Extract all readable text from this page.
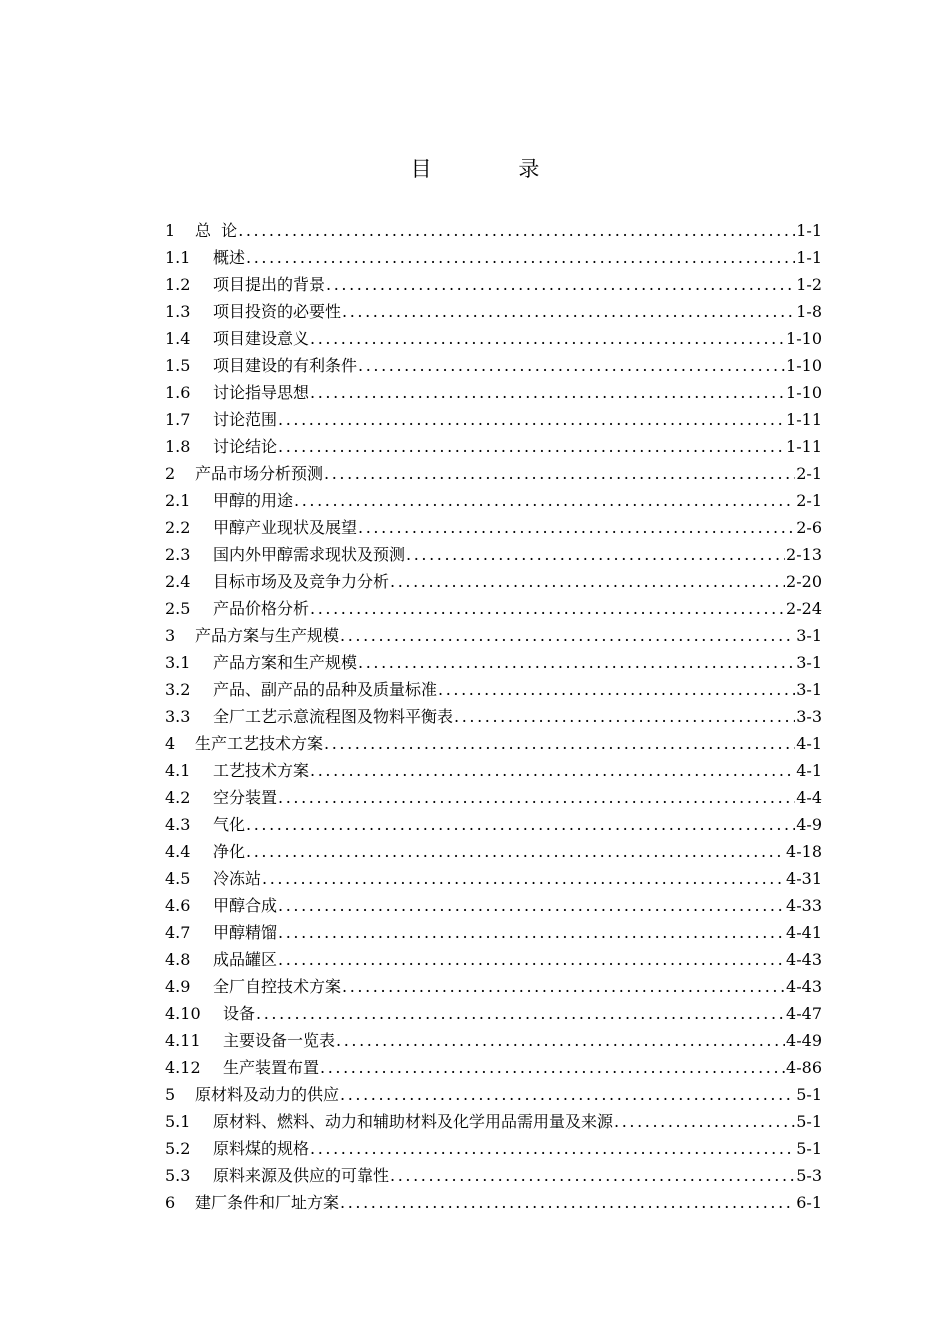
目 录
1	总  论 .....	1-1
1.1	概述 .....	1-1
1.2	项目提出的背景 .....	1-2
1.3	项目投资的必要性 .....	1-8
1.4	项目建设意义 .....	1-10
1.5	项目建设的有利条件 .....	1-10
1.6	讨论指导思想 .....	1-10
1.7	讨论范围 .....	1-11
1.8	讨论结论 .....	1-11
2	产品市场分析预测 .....	2-1
2.1	甲醇的用途 .....	2-1
2.2	甲醇产业现状及展望 .....	2-6
2.3	国内外甲醇需求现状及预测 .....	2-13
2.4	目标市场及及竞争力分析 .....	2-20
2.5	产品价格分析 .....	2-24
3	产品方案与生产规模 .....	3-1
3.1	产品方案和生产规模 .....	3-1
3.2	产品、副产品的品种及质量标准 .....	3-1
3.3	全厂工艺示意流程图及物料平衡表 .....	3-3
4	生产工艺技术方案 .....	4-1
4.1	工艺技术方案 .....	4-1
4.2	空分装置 .....	4-4
4.3	气化 .....	4-9
4.4	净化 .....	4-18
4.5	冷冻站 .....	4-31
4.6	甲醇合成 .....	4-33
4.7	甲醇精馏 .....	4-41
4.8	成品罐区 .....	4-43
4.9	全厂自控技术方案 .....	4-43
4.10	设备 .....	4-47
4.11	主要设备一览表 .....	4-49
4.12	生产装置布置 .....	4-86
5	原材料及动力的供应 .....	5-1
5.1	原材料、燃料、动力和辅助材料及化学用品需用量及来源 .....	5-1
5.2	原料煤的规格 .....	5-1
5.3	原料来源及供应的可靠性 .....	5-3
6	建厂条件和厂址方案 .....	6-1
